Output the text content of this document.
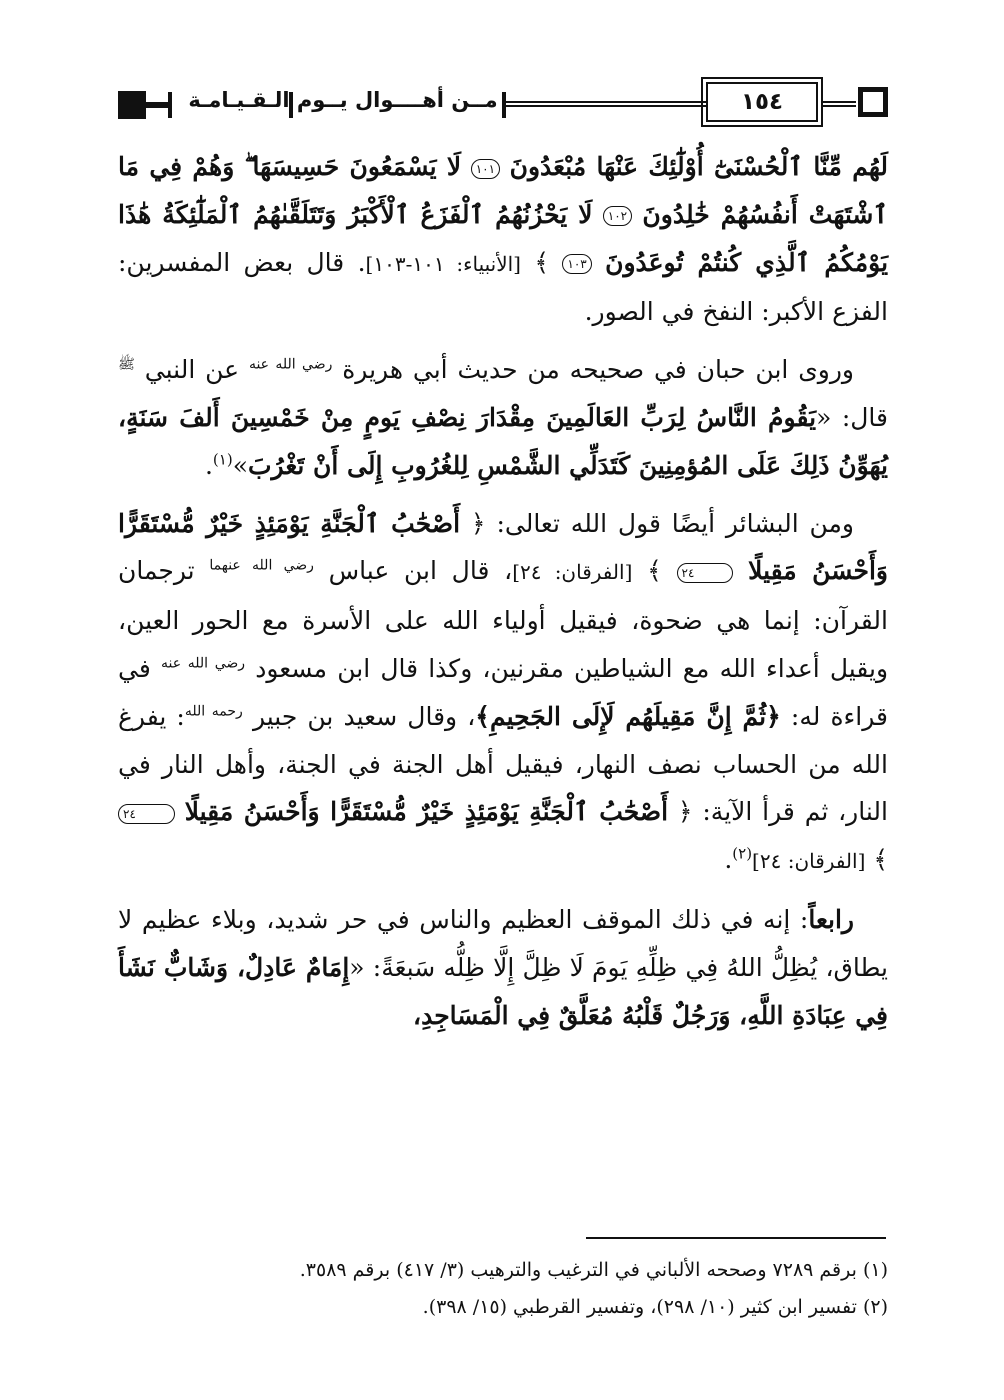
مــن أهــــوال يــوم الـقـيـامـة	١٥٤

لَهُم مِّنَّا ٱلْحُسْنَىٰٓ أُوْلَٰٓئِكَ عَنْهَا مُبْعَدُونَ ١٠١ لَا يَسْمَعُونَ حَسِيسَهَا ۖ وَهُمْ فِي مَا ٱشْتَهَتْ أَنفُسُهُمْ خَٰلِدُونَ ١٠٢ لَا يَحْزُنُهُمُ ٱلْفَزَعُ ٱلْأَكْبَرُ وَتَتَلَقَّىٰهُمُ ٱلْمَلَٰٓئِكَةُ هَٰذَا يَوْمُكُمُ ٱلَّذِي كُنتُمْ تُوعَدُونَ ١٠٣ ﴾ [الأنبياء: ١٠١-١٠٣]. قال بعض المفسرين: الفزع الأكبر: النفخ في الصور.

وروى ابن حبان في صحيحه من حديث أبي هريرة $^{رضي الله عنه}$ عن النبي $^ﷺ$ قال: «يَقُومُ النَّاسُ لِرَبِّ العَالَمِينَ مِقْدَارَ نِصْفِ يَومٍ مِنْ خَمْسِينَ أَلفَ سَنَةٍ، يُهَوِّنُ ذَلِكَ عَلَى المُؤمِنِينَ كَتَدَلِّي الشَّمْسِ لِلغُرُوبِ إِلَى أَنْ تَغْرُبَ»$^{(١)}$.

ومن البشائر أيضًا قول الله تعالى: ﴿ أَصْحَٰبُ ٱلْجَنَّةِ يَوْمَئِذٍ خَيْرٌ مُّسْتَقَرًّا وَأَحْسَنُ مَقِيلًا ٢٤ ﴾ [الفرقان: ٢٤]، قال ابن عباس $^{رضي الله عنهما}$ ترجمان القرآن: إنما هي ضحوة، فيقيل أولياء الله على الأسرة مع الحور العين، ويقيل أعداء الله مع الشياطين مقرنين، وكذا قال ابن مسعود $^{رضي الله عنه}$ في قراءة له: ﴿ثُمَّ إِنَّ مَقِيلَهُم لَإِلَى الجَحِيمِ﴾، وقال سعيد بن جبير $^{رحمه الله}$: يفرغ الله من الحساب نصف النهار، فيقيل أهل الجنة في الجنة، وأهل النار في النار، ثم قرأ الآية: ﴿ أَصْحَٰبُ ٱلْجَنَّةِ يَوْمَئِذٍ خَيْرٌ مُّسْتَقَرًّا وَأَحْسَنُ مَقِيلًا ٢٤ ﴾ [الفرقان: ٢٤]$^{(٢)}$.

رابعاً: إنه في ذلك الموقف العظيم والناس في حر شديد، وبلاء عظيم لا يطاق، يُظِلُّ اللهُ فِي ظِلِّهِ يَومَ لَا ظِلَّ إِلَّا ظِلُّه سَبعَةً: «إِمَامٌ عَادِلٌ، وَشَابٌّ نَشَأَ فِي عِبَادَةِ اللَّهِ، وَرَجُلٌ قَلْبُهُ مُعَلَّقٌ فِي الْمَسَاجِدِ،

(١) برقم ٧٢٨٩ وصححه الألباني في الترغيب والترهيب (٣/ ٤١٧) برقم ٣٥٨٩.

(٢) تفسير ابن كثير (١٠/ ٢٩٨)، وتفسير القرطبي (١٥/ ٣٩٨).
